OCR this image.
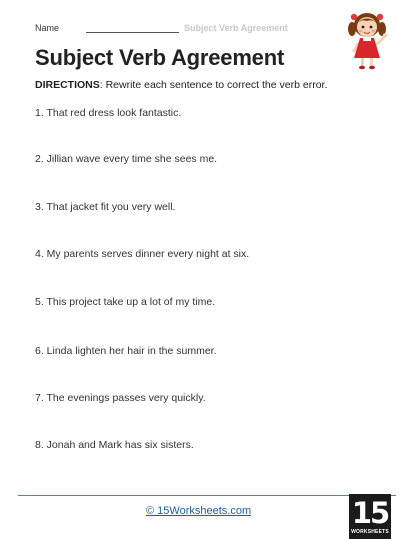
Name	Subject Verb Agreement
Subject Verb Agreement
DIRECTIONS: Rewrite each sentence to correct the verb error.
1. That red dress look fantastic.
2. Jillian wave every time she sees me.
3. That jacket fit you very well.
4. My parents serves dinner every night at six.
5. This project take up a lot of my time.
6. Linda lighten her hair in the summer.
7. The evenings passes very quickly.
8. Jonah and Mark has six sisters.
© 15Worksheets.com	15
WORKSHEETS
